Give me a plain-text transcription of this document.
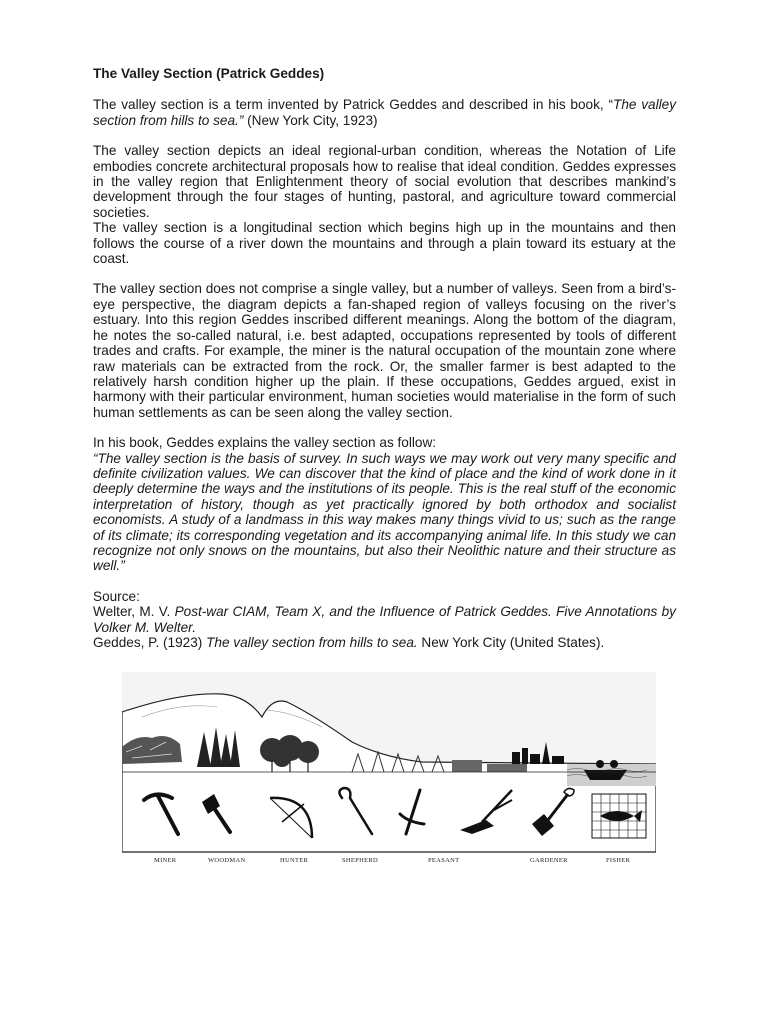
The Valley Section (Patrick Geddes)

The valley section is a term invented by Patrick Geddes and described in his book, “The valley section from hills to sea.” (New York City, 1923)

The valley section depicts an ideal regional-urban condition, whereas the Notation of Life embodies concrete architectural proposals how to realise that ideal condition. Geddes expresses in the valley region that Enlightenment theory of social evolution that describes mankind’s development through the four stages of hunting, pastoral, and agriculture toward commercial societies.

The valley section is a longitudinal section which begins high up in the mountains and then follows the course of a river down the mountains and through a plain toward its estuary at the coast.

The valley section does not comprise a single valley, but a number of valleys. Seen from a bird’s-eye perspective, the diagram depicts a fan-shaped region of valleys focusing on the river’s estuary. Into this region Geddes inscribed different meanings. Along the bottom of the diagram, he notes the so-called natural, i.e. best adapted, occupations represented by tools of different trades and crafts. For example, the miner is the natural occupation of the mountain zone where raw materials can be extracted from the rock. Or, the smaller farmer is best adapted to the relatively harsh condition higher up the plain. If these occupations, Geddes argued, exist in harmony with their particular environment, human societies would materialise in the form of such human settlements as can be seen along the valley section.

In his book, Geddes explains the valley section as follow:

“The valley section is the basis of survey. In such ways we may work out very many specific and definite civilization values. We can discover that the kind of place and the kind of work done in it deeply determine the ways and the institutions of its people. This is the real stuff of the economic interpretation of history, though as yet practically ignored by both orthodox and socialist economists. A study of a landmass in this way makes many things vivid to us; such as the range of its climate; its corresponding vegetation and its accompanying animal life. In this study we can recognize not only snows on the mountains, but also their Neolithic nature and their structure as well.”

Source:

Welter, M. V. Post-war CIAM, Team X, and the Influence of Patrick Geddes. Five Annotations by Volker M. Welter.

Geddes, P. (1923) The valley section from hills to sea. New York City (United States).

MINER	WOODMAN	HUNTER	SHEPHERD	PEASANT	GARDENER	FISHER
